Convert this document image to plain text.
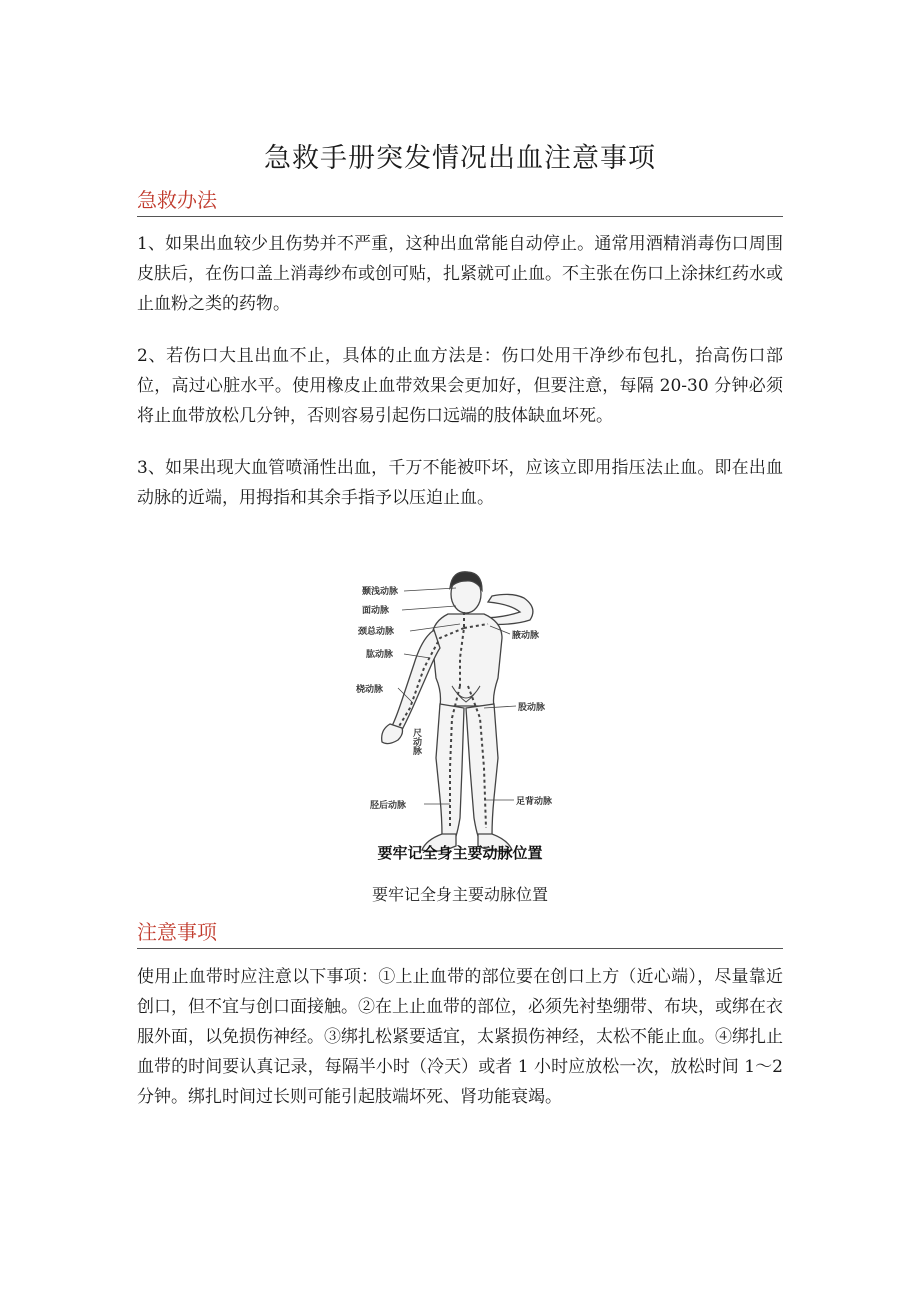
急救手册突发情况出血注意事项
急救办法

1、如果出血较少且伤势并不严重，这种出血常能自动停止。通常用酒精消毒伤口周围皮肤后，在伤口盖上消毒纱布或创可贴，扎紧就可止血。不主张在伤口上涂抹红药水或止血粉之类的药物。

2、若伤口大且出血不止，具体的止血方法是：伤口处用干净纱布包扎，抬高伤口部位，高过心脏水平。使用橡皮止血带效果会更加好，但要注意，每隔 20-30 分钟必须将止血带放松几分钟，否则容易引起伤口远端的肢体缺血坏死。

3、如果出现大血管喷涌性出血，千万不能被吓坏，应该立即用指压法止血。即在出血动脉的近端，用拇指和其余手指予以压迫止血。

颞浅动脉
面动脉
颈总动脉
肱动脉
桡动脉
腋动脉
股动脉
胫后动脉	足背动脉
尺动脉
要牢记全身主要动脉位置
要牢记全身主要动脉位置
注意事项

使用止血带时应注意以下事项：①上止血带的部位要在创口上方（近心端），尽量靠近创口，但不宜与创口面接触。②在上止血带的部位，必须先衬垫绷带、布块，或绑在衣服外面，以免损伤神经。③绑扎松紧要适宜，太紧损伤神经，太松不能止血。④绑扎止血带的时间要认真记录，每隔半小时（冷天）或者 1 小时应放松一次，放松时间 1～2 分钟。绑扎时间过长则可能引起肢端坏死、肾功能衰竭。
